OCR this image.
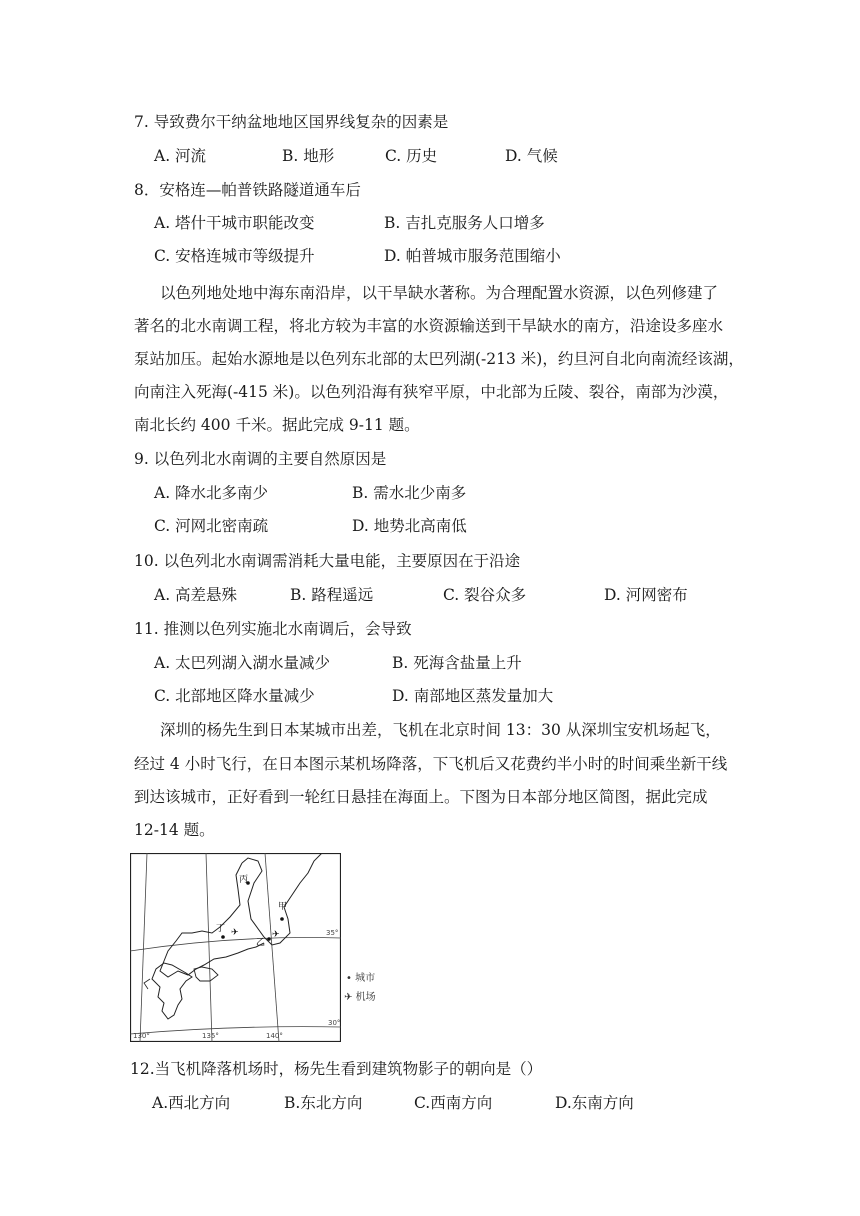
7. 导致费尔干纳盆地地区国界线复杂的因素是
A. 河流	B. 地形	C. 历史	D. 气候
8．安格连—帕普铁路隧道通车后
A. 塔什干城市职能改变	B. 吉扎克服务人口增多
C. 安格连城市等级提升	D. 帕普城市服务范围缩小
以色列地处地中海东南沿岸，以干旱缺水著称。为合理配置水资源，以色列修建了
著名的北水南调工程，将北方较为丰富的水资源输送到干旱缺水的南方，沿途设多座水
泵站加压。起始水源地是以色列东北部的太巴列湖(-213 米)，约旦河自北向南流经该湖，
向南注入死海(-415 米)。以色列沿海有狭窄平原，中北部为丘陵、裂谷，南部为沙漠，
南北长约 400 千米。据此完成 9-11 题。
9. 以色列北水南调的主要自然原因是
A. 降水北多南少	B. 需水北少南多
C. 河网北密南疏	D. 地势北高南低
10. 以色列北水南调需消耗大量电能，主要原因在于沿途
A. 高差悬殊	B. 路程遥远	C. 裂谷众多	D. 河网密布
11. 推测以色列实施北水南调后，会导致
A. 太巴列湖入湖水量减少	B. 死海含盐量上升
C. 北部地区降水量减少	D. 南部地区蒸发量加大
深圳的杨先生到日本某城市出差，飞机在北京时间 13：30 从深圳宝安机场起飞，
经过 4 小时飞行，在日本图示某机场降落，下飞机后又花费约半小时的时间乘坐新干线
到达该城市，正好看到一轮红日悬挂在海面上。下图为日本部分地区简图，据此完成
12-14 题。
✈	✈
丙
甲
丁
乙
35°
30°
130°	135°	140°
• 城市
✈ 机场
12.当飞机降落机场时，杨先生看到建筑物影子的朝向是（）
A.西北方向	B.东北方向	C.西南方向	D.东南方向
